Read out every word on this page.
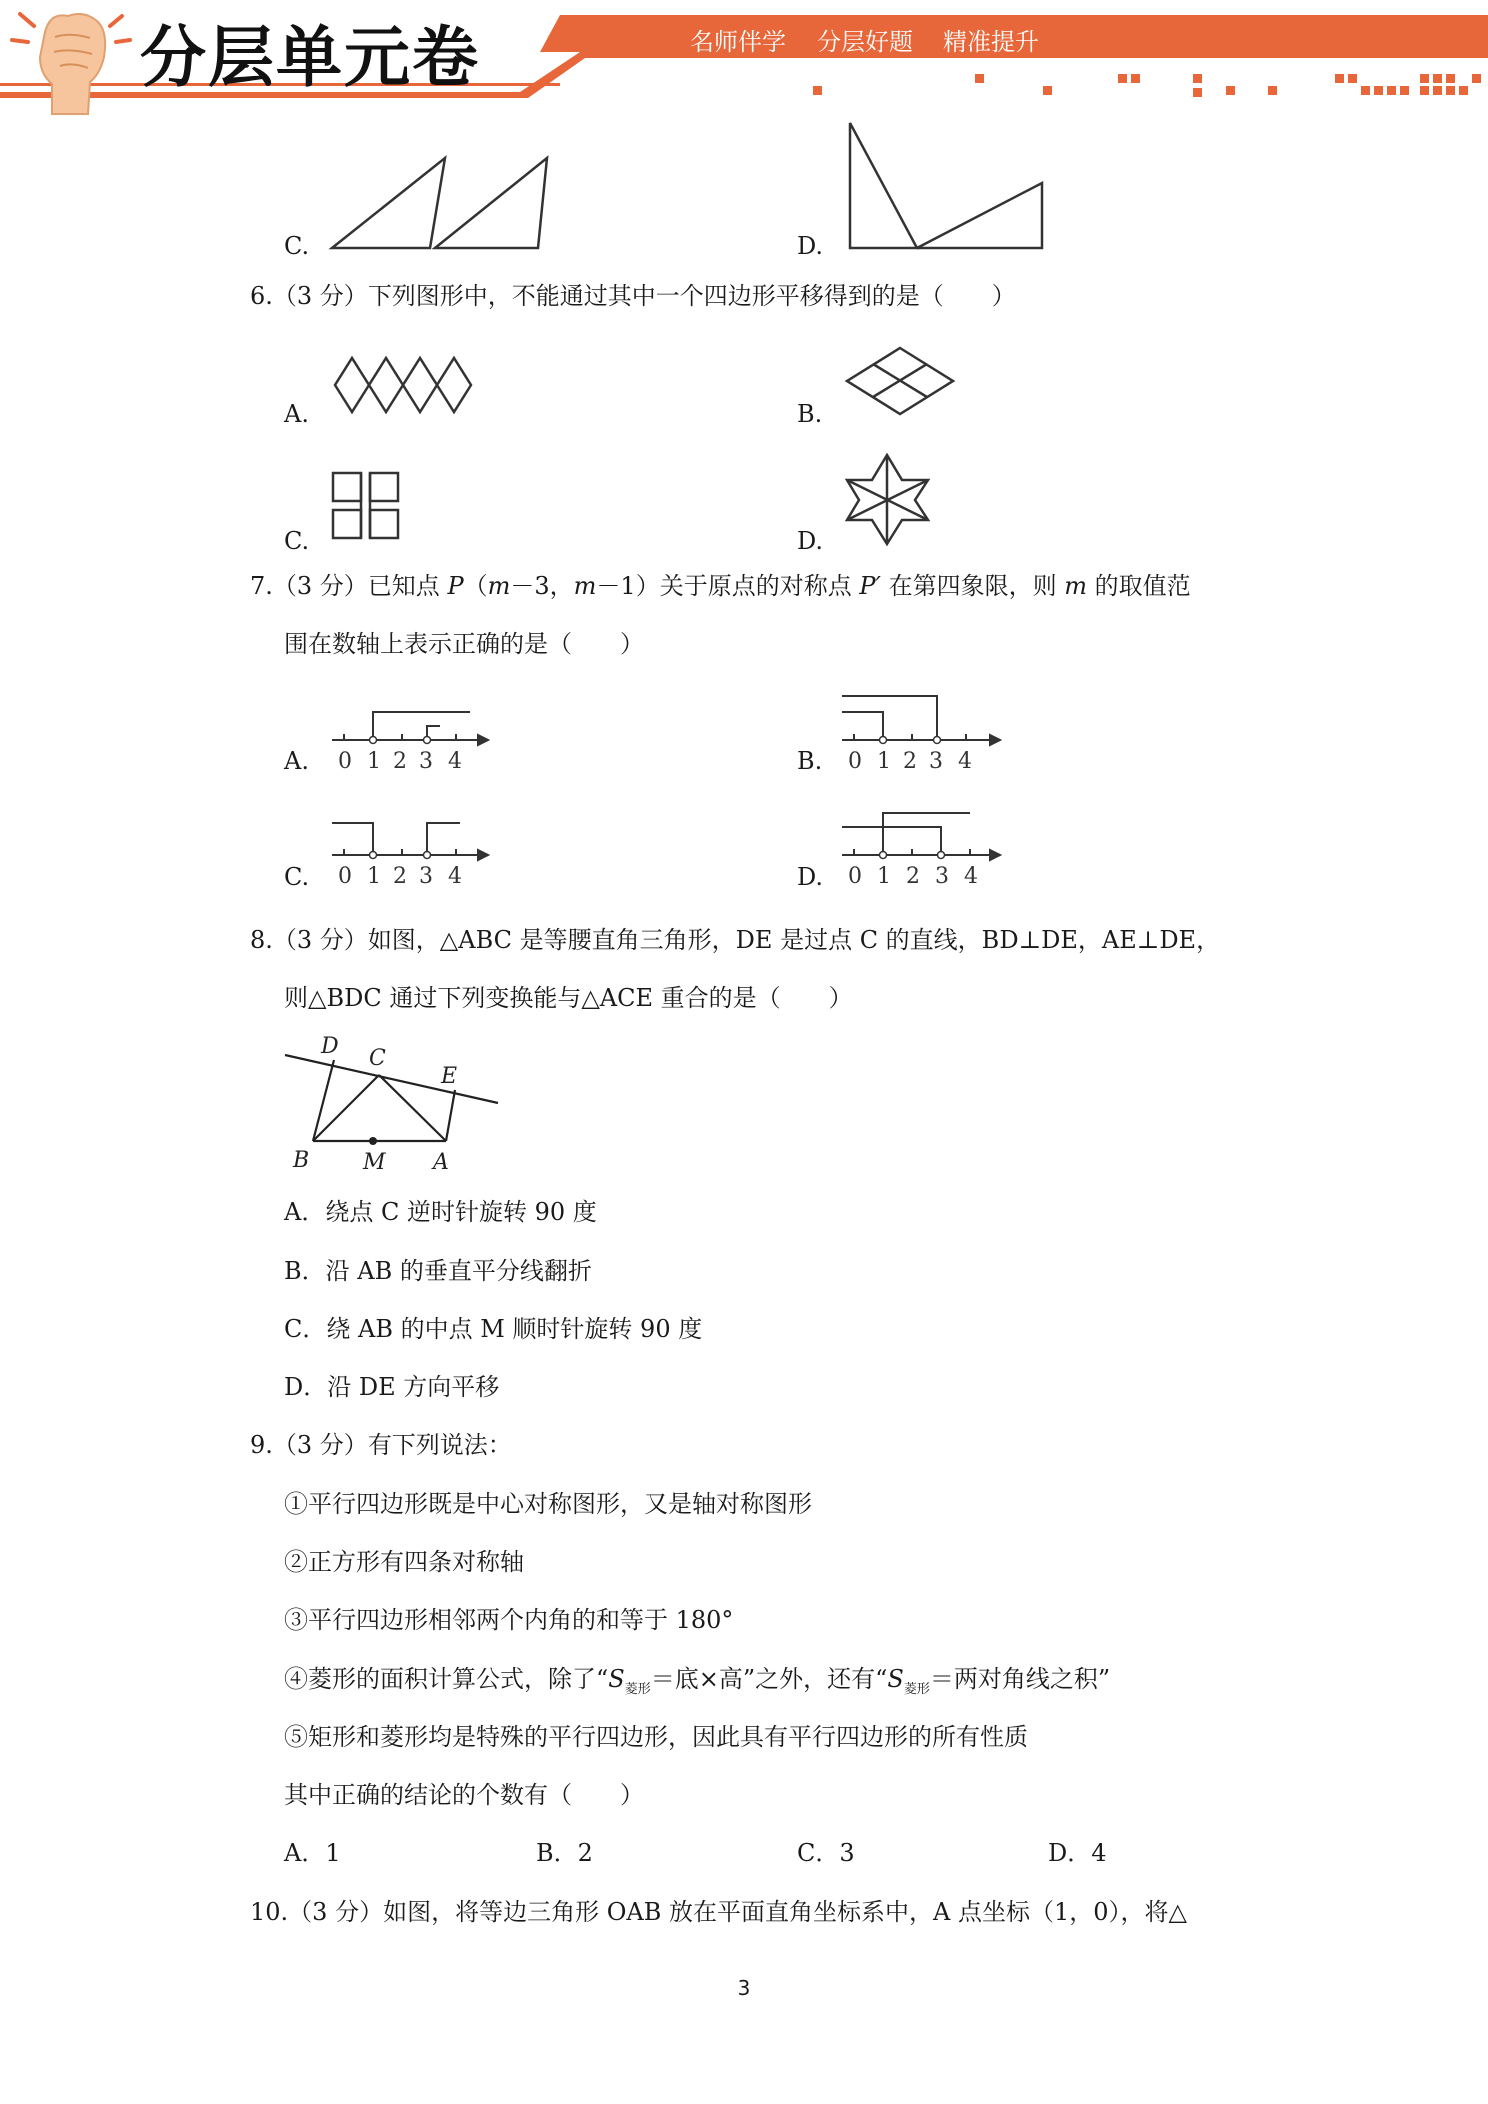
分层单元卷	名师伴学 分层好题 精准提升
C.	D.
6.（3 分）下列图形中，不能通过其中一个四边形平移得到的是（　　）
A.	B.
C.	D.
7.（3 分）已知点 P（m－3，m－1）关于原点的对称点 P′ 在第四象限，则 m 的取值范
围在数轴上表示正确的是（　　）
A. 0 1 2 3 4	B. 0 1 2 3 4
C. 0 1 2 3 4	D. 0 1 2 3 4
8.（3 分）如图，△ABC 是等腰直角三角形，DE 是过点 C 的直线，BD⊥DE，AE⊥DE，
则△BDC 通过下列变换能与△ACE 重合的是（　　）
D C
E
B M A
A．绕点 C 逆时针旋转 90 度
B．沿 AB 的垂直平分线翻折
C．绕 AB 的中点 M 顺时针旋转 90 度
D．沿 DE 方向平移
9.（3 分）有下列说法：
①平行四边形既是中心对称图形，又是轴对称图形
②正方形有四条对称轴
③平行四边形相邻两个内角的和等于 180°
④菱形的面积计算公式，除了“$S_{菱形}=$底×高”之外，还有“$S_{菱形}=$两对角线之积”
⑤矩形和菱形均是特殊的平行四边形，因此具有平行四边形的所有性质
其中正确的结论的个数有（　　）
A．1	B．2	C．3	D．4
10.（3 分）如图，将等边三角形 OAB 放在平面直角坐标系中，A 点坐标（1，0），将△
3
